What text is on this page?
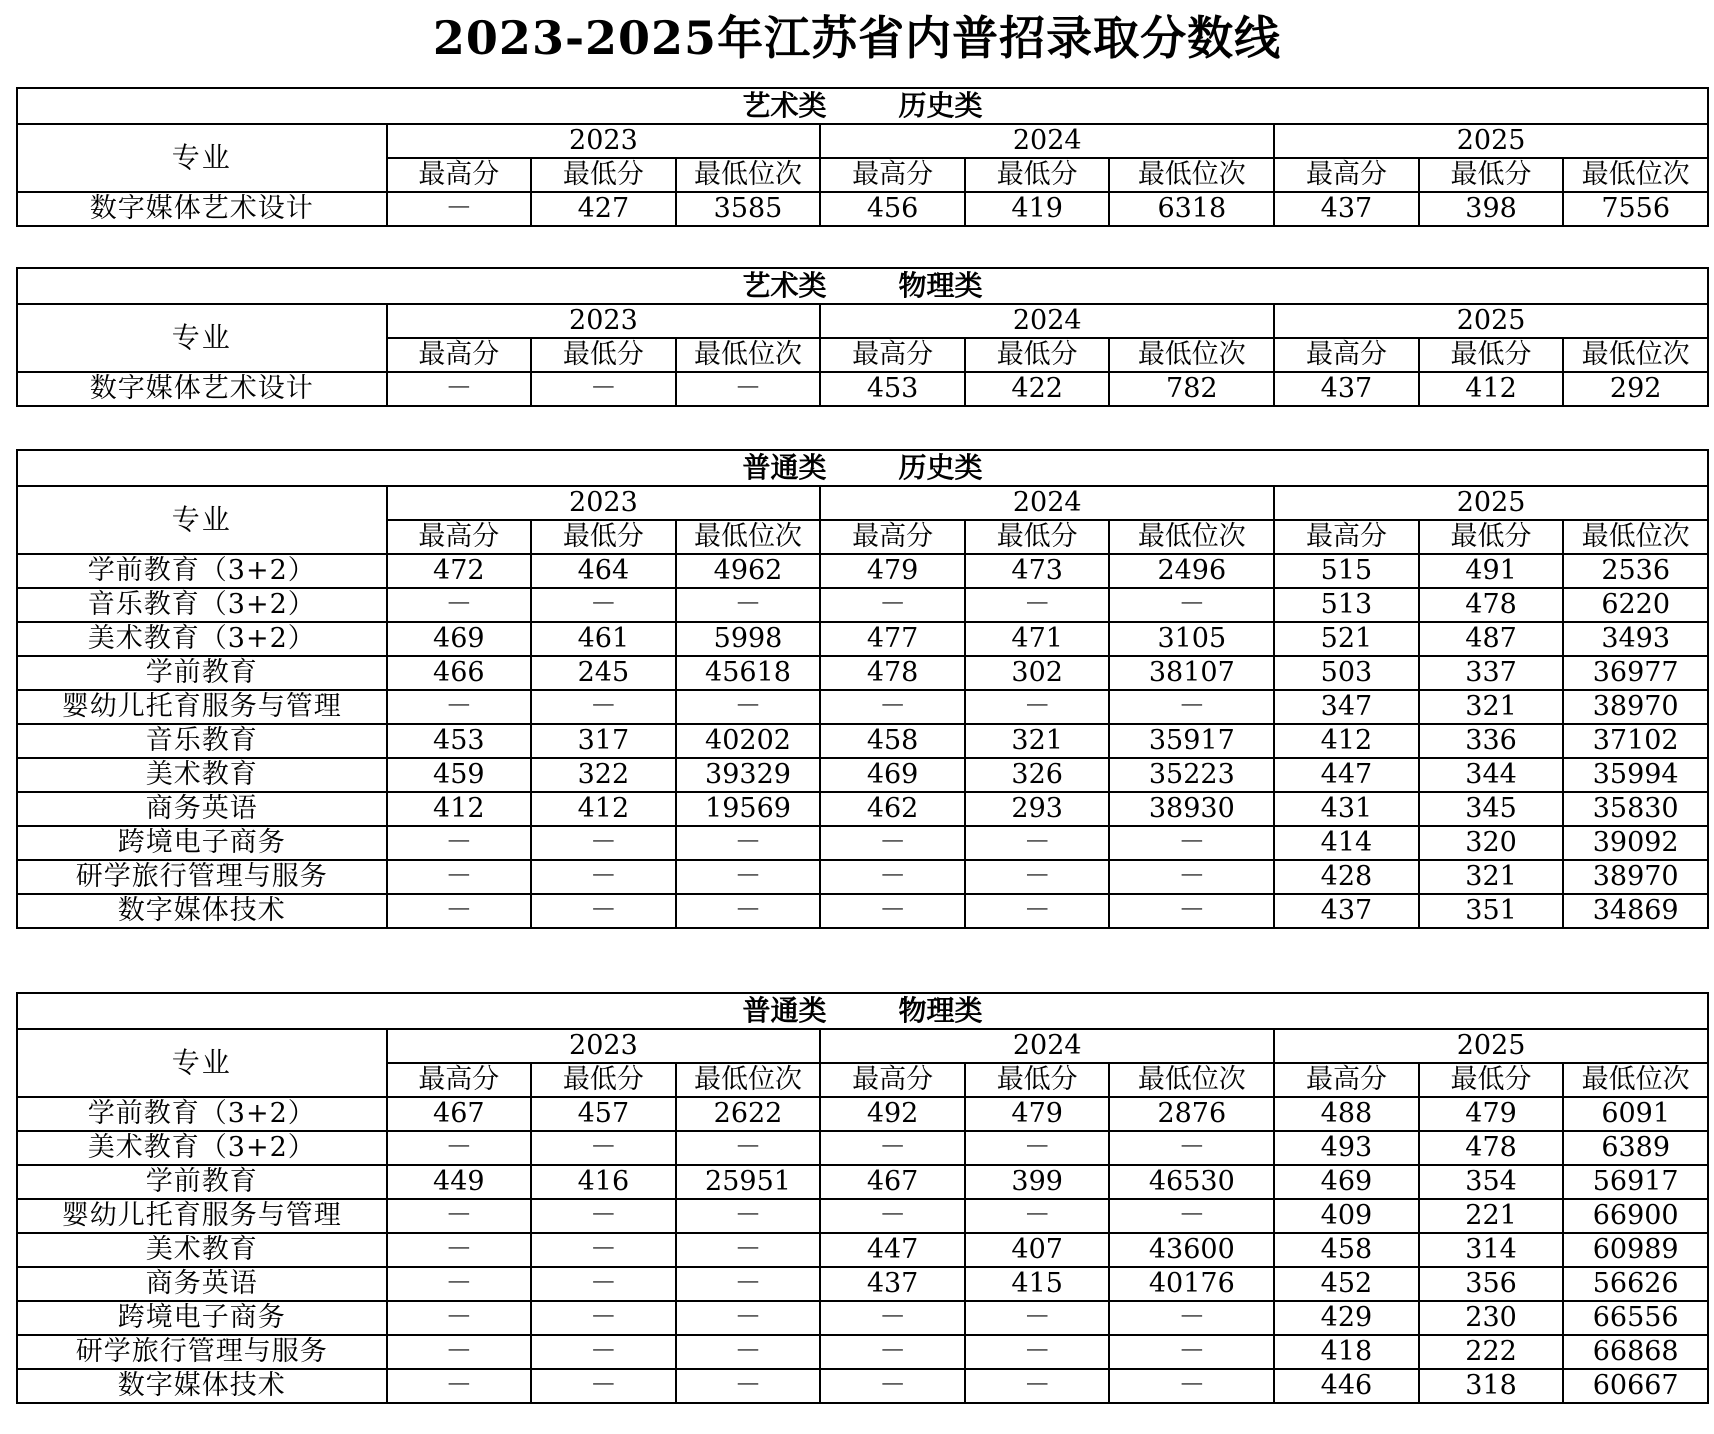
2023-2025年江苏省内普招录取分数线
艺术类 历史类									
专业	2023			2024			2025		
	最高分	最低分	最低位次	最高分	最低分	最低位次	最高分	最低分	最低位次
数字媒体艺术设计	－	427	3585	456	419	6318	437	398	7556
艺术类 物理类									
专业	2023			2024			2025		
	最高分	最低分	最低位次	最高分	最低分	最低位次	最高分	最低分	最低位次
数字媒体艺术设计	－	－	－	453	422	782	437	412	292
普通类 历史类									
专业	2023			2024			2025		
	最高分	最低分	最低位次	最高分	最低分	最低位次	最高分	最低分	最低位次
学前教育（3+2）	472	464	4962	479	473	2496	515	491	2536
音乐教育（3+2）	－	－	－	－	－	－	513	478	6220
美术教育（3+2）	469	461	5998	477	471	3105	521	487	3493
学前教育	466	245	45618	478	302	38107	503	337	36977
婴幼儿托育服务与管理	－	－	－	－	－	－	347	321	38970
音乐教育	453	317	40202	458	321	35917	412	336	37102
美术教育	459	322	39329	469	326	35223	447	344	35994
商务英语	412	412	19569	462	293	38930	431	345	35830
跨境电子商务	－	－	－	－	－	－	414	320	39092
研学旅行管理与服务	－	－	－	－	－	－	428	321	38970
数字媒体技术	－	－	－	－	－	－	437	351	34869
普通类 物理类									
专业	2023			2024			2025		
	最高分	最低分	最低位次	最高分	最低分	最低位次	最高分	最低分	最低位次
学前教育（3+2）	467	457	2622	492	479	2876	488	479	6091
美术教育（3+2）	－	－	－	－	－	－	493	478	6389
学前教育	449	416	25951	467	399	46530	469	354	56917
婴幼儿托育服务与管理	－	－	－	－	－	－	409	221	66900
美术教育	－	－	－	447	407	43600	458	314	60989
商务英语	－	－	－	437	415	40176	452	356	56626
跨境电子商务	－	－	－	－	－	－	429	230	66556
研学旅行管理与服务	－	－	－	－	－	－	418	222	66868
数字媒体技术	－	－	－	－	－	－	446	318	60667
